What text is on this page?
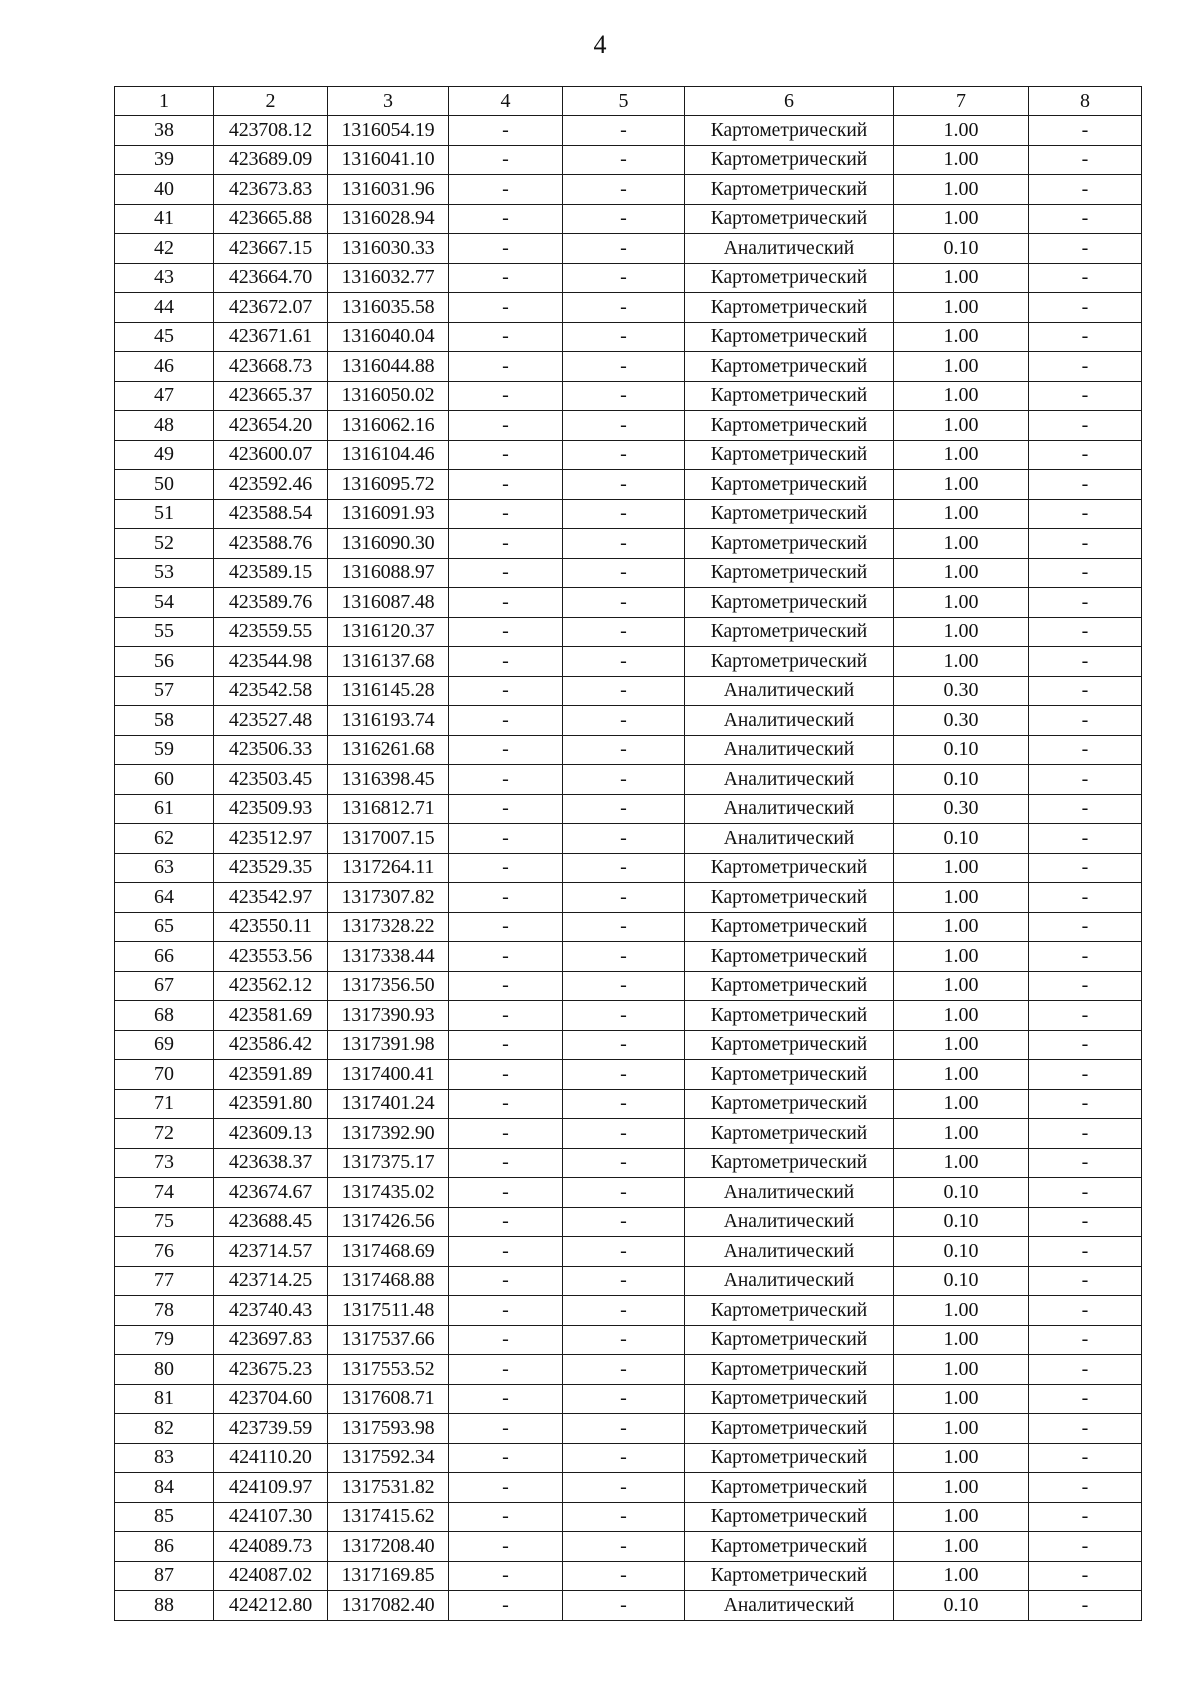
4
1	2	3	4	5	6	7	8
38	423708.12	1316054.19	-	-	Картометрический	1.00	-
39	423689.09	1316041.10	-	-	Картометрический	1.00	-
40	423673.83	1316031.96	-	-	Картометрический	1.00	-
41	423665.88	1316028.94	-	-	Картометрический	1.00	-
42	423667.15	1316030.33	-	-	Аналитический	0.10	-
43	423664.70	1316032.77	-	-	Картометрический	1.00	-
44	423672.07	1316035.58	-	-	Картометрический	1.00	-
45	423671.61	1316040.04	-	-	Картометрический	1.00	-
46	423668.73	1316044.88	-	-	Картометрический	1.00	-
47	423665.37	1316050.02	-	-	Картометрический	1.00	-
48	423654.20	1316062.16	-	-	Картометрический	1.00	-
49	423600.07	1316104.46	-	-	Картометрический	1.00	-
50	423592.46	1316095.72	-	-	Картометрический	1.00	-
51	423588.54	1316091.93	-	-	Картометрический	1.00	-
52	423588.76	1316090.30	-	-	Картометрический	1.00	-
53	423589.15	1316088.97	-	-	Картометрический	1.00	-
54	423589.76	1316087.48	-	-	Картометрический	1.00	-
55	423559.55	1316120.37	-	-	Картометрический	1.00	-
56	423544.98	1316137.68	-	-	Картометрический	1.00	-
57	423542.58	1316145.28	-	-	Аналитический	0.30	-
58	423527.48	1316193.74	-	-	Аналитический	0.30	-
59	423506.33	1316261.68	-	-	Аналитический	0.10	-
60	423503.45	1316398.45	-	-	Аналитический	0.10	-
61	423509.93	1316812.71	-	-	Аналитический	0.30	-
62	423512.97	1317007.15	-	-	Аналитический	0.10	-
63	423529.35	1317264.11	-	-	Картометрический	1.00	-
64	423542.97	1317307.82	-	-	Картометрический	1.00	-
65	423550.11	1317328.22	-	-	Картометрический	1.00	-
66	423553.56	1317338.44	-	-	Картометрический	1.00	-
67	423562.12	1317356.50	-	-	Картометрический	1.00	-
68	423581.69	1317390.93	-	-	Картометрический	1.00	-
69	423586.42	1317391.98	-	-	Картометрический	1.00	-
70	423591.89	1317400.41	-	-	Картометрический	1.00	-
71	423591.80	1317401.24	-	-	Картометрический	1.00	-
72	423609.13	1317392.90	-	-	Картометрический	1.00	-
73	423638.37	1317375.17	-	-	Картометрический	1.00	-
74	423674.67	1317435.02	-	-	Аналитический	0.10	-
75	423688.45	1317426.56	-	-	Аналитический	0.10	-
76	423714.57	1317468.69	-	-	Аналитический	0.10	-
77	423714.25	1317468.88	-	-	Аналитический	0.10	-
78	423740.43	1317511.48	-	-	Картометрический	1.00	-
79	423697.83	1317537.66	-	-	Картометрический	1.00	-
80	423675.23	1317553.52	-	-	Картометрический	1.00	-
81	423704.60	1317608.71	-	-	Картометрический	1.00	-
82	423739.59	1317593.98	-	-	Картометрический	1.00	-
83	424110.20	1317592.34	-	-	Картометрический	1.00	-
84	424109.97	1317531.82	-	-	Картометрический	1.00	-
85	424107.30	1317415.62	-	-	Картометрический	1.00	-
86	424089.73	1317208.40	-	-	Картометрический	1.00	-
87	424087.02	1317169.85	-	-	Картометрический	1.00	-
88	424212.80	1317082.40	-	-	Аналитический	0.10	-
